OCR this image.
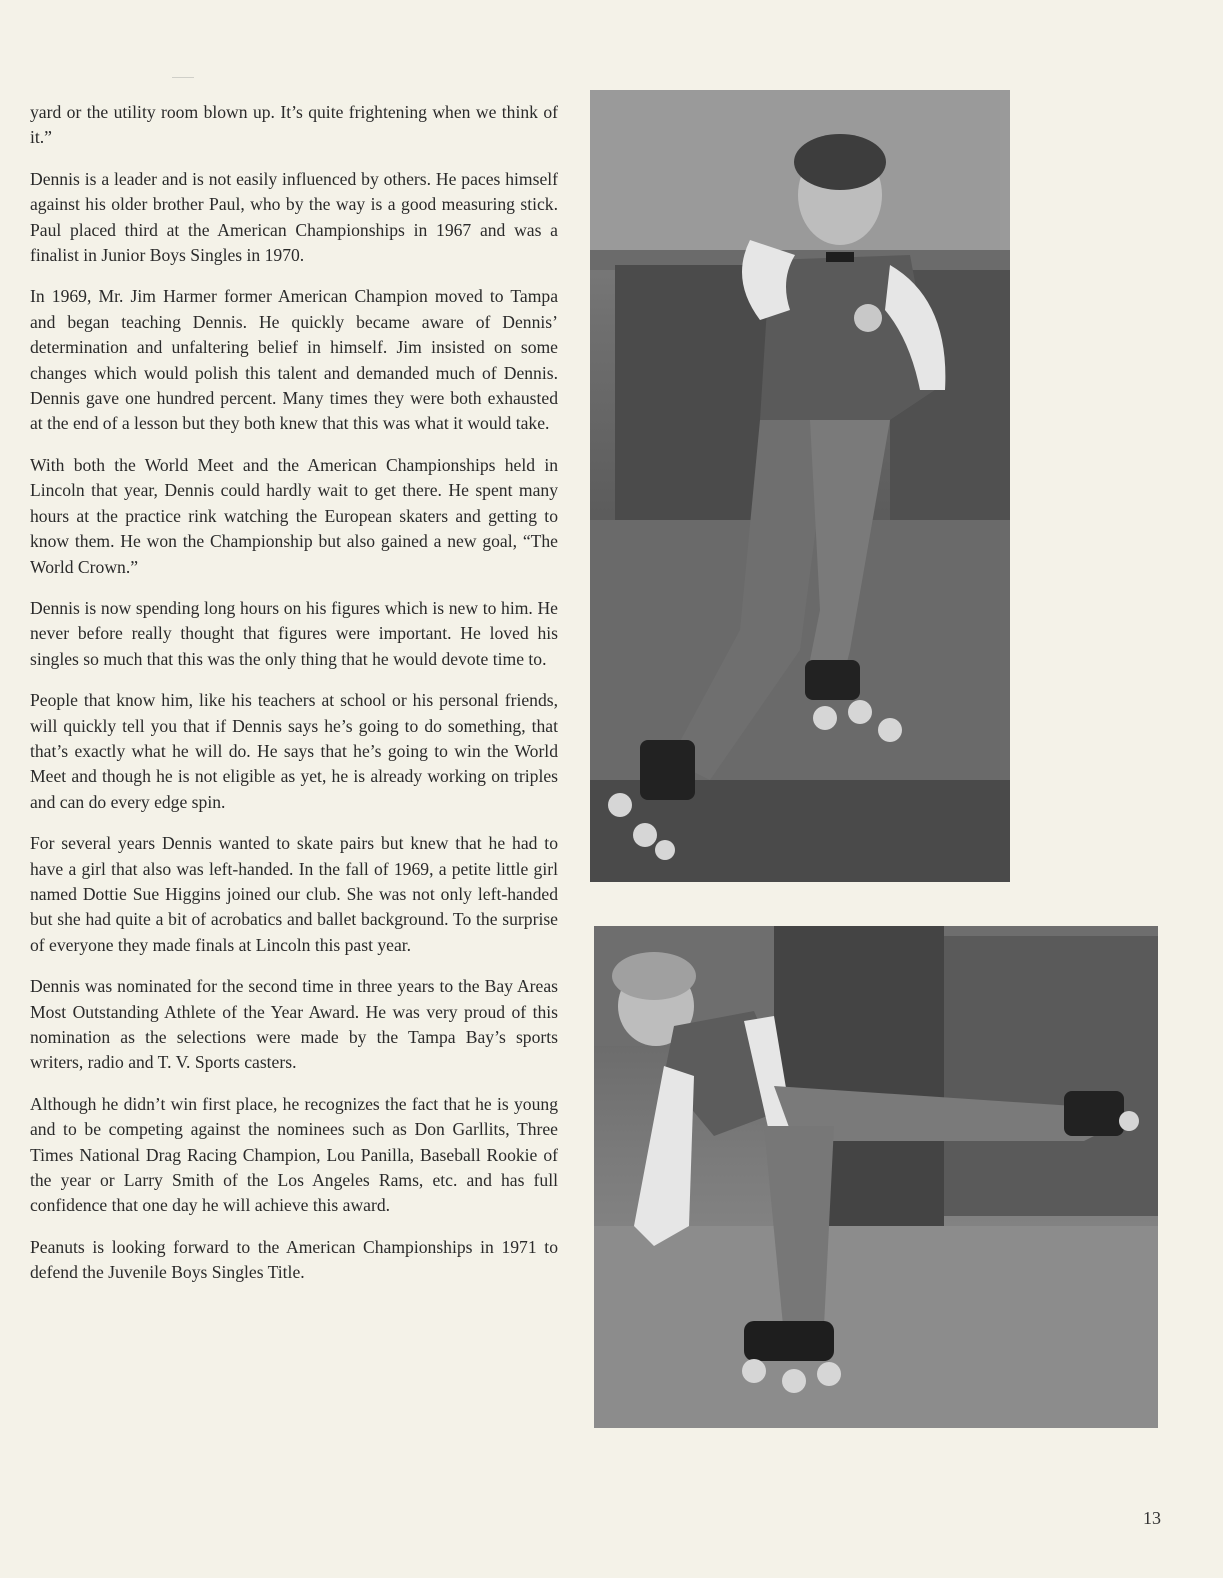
yard or the utility room blown up. It’s quite frightening when we think of it.”

Dennis is a leader and is not easily influenced by others. He paces himself against his older brother Paul, who by the way is a good measuring stick. Paul placed third at the American Championships in 1967 and was a finalist in Junior Boys Singles in 1970.

In 1969, Mr. Jim Harmer former American Champion moved to Tampa and began teaching Dennis. He quickly became aware of Dennis’ determination and unfaltering belief in himself. Jim insisted on some changes which would polish this talent and demanded much of Dennis. Dennis gave one hundred percent. Many times they were both exhausted at the end of a lesson but they both knew that this was what it would take.

With both the World Meet and the American Championships held in Lincoln that year, Dennis could hardly wait to get there. He spent many hours at the practice rink watching the European skaters and getting to know them. He won the Championship but also gained a new goal, “The World Crown.”

Dennis is now spending long hours on his figures which is new to him. He never before really thought that figures were important. He loved his singles so much that this was the only thing that he would devote time to.

People that know him, like his teachers at school or his personal friends, will quickly tell you that if Dennis says he’s going to do something, that that’s exactly what he will do. He says that he’s going to win the World Meet and though he is not eligible as yet, he is already working on triples and can do every edge spin.

For several years Dennis wanted to skate pairs but knew that he had to have a girl that also was left-handed. In the fall of 1969, a petite little girl named Dottie Sue Higgins joined our club. She was not only left-handed but she had quite a bit of acrobatics and ballet background. To the surprise of everyone they made finals at Lincoln this past year.

Dennis was nominated for the second time in three years to the Bay Areas Most Outstanding Athlete of the Year Award. He was very proud of this nomination as the selections were made by the Tampa Bay’s sports writers, radio and T. V. Sports casters.

Although he didn’t win first place, he recognizes the fact that he is young and to be competing against the nominees such as Don Garllits, Three Times National Drag Racing Champion, Lou Panilla, Baseball Rookie of the year or Larry Smith of the Los Angeles Rams, etc. and has full confidence that one day he will achieve this award.

Peanuts is looking forward to the American Championships in 1971 to defend the Juvenile Boys Singles Title.

13
